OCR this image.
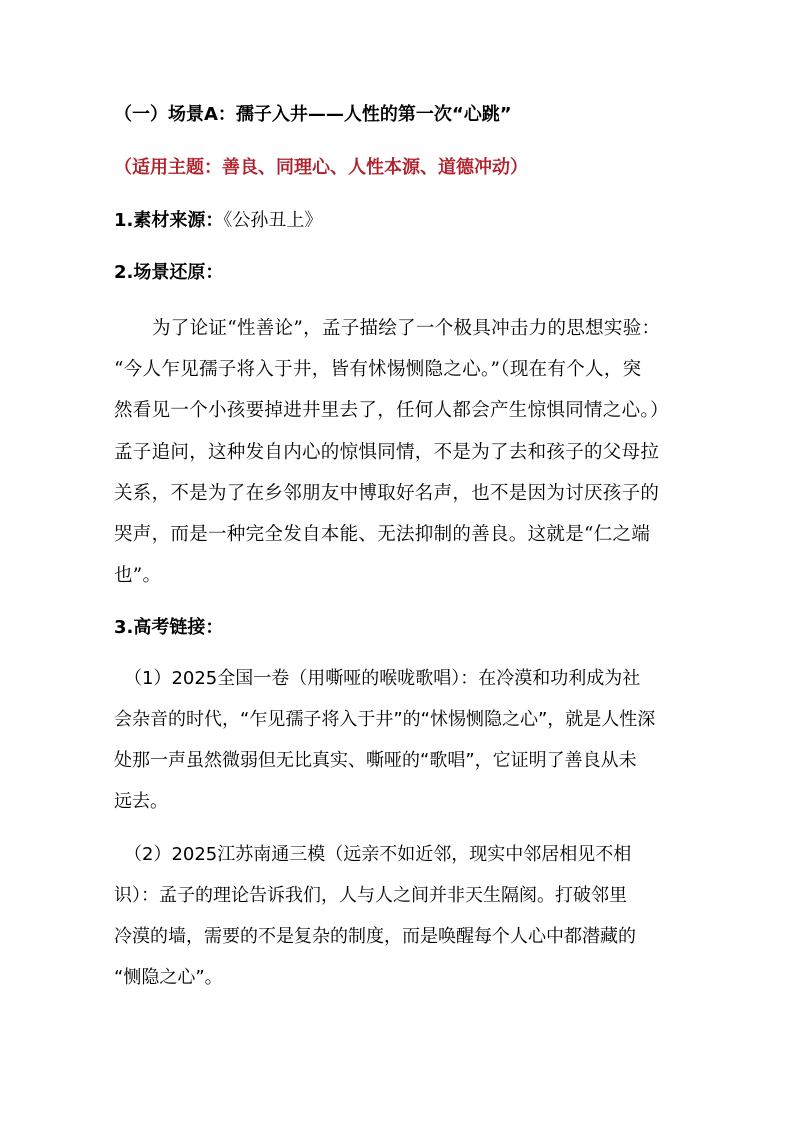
（一）场景A：孺子入井——人性的第一次“心跳”
（适用主题：善良、同理心、人性本源、道德冲动）
1.素材来源：《公孙丑上》
2.场景还原：
为了论证“性善论”，孟子描绘了一个极具冲击力的思想实验：
“今人乍见孺子将入于井，皆有怵惕恻隐之心。”（现在有个人，突
然看见一个小孩要掉进井里去了，任何人都会产生惊惧同情之心。）
孟子追问，这种发自内心的惊惧同情，不是为了去和孩子的父母拉
关系，不是为了在乡邻朋友中博取好名声，也不是因为讨厌孩子的
哭声，而是一种完全发自本能、无法抑制的善良。这就是“仁之端
也”。
3.高考链接：
（1）2025全国一卷（用嘶哑的喉咙歌唱）：在冷漠和功利成为社
会杂音的时代，“乍见孺子将入于井”的“怵惕恻隐之心”，就是人性深
处那一声虽然微弱但无比真实、嘶哑的“歌唱”，它证明了善良从未
远去。
（2）2025江苏南通三模（远亲不如近邻，现实中邻居相见不相
识）：孟子的理论告诉我们，人与人之间并非天生隔阂。打破邻里
冷漠的墙，需要的不是复杂的制度，而是唤醒每个人心中都潜藏的
“恻隐之心”。
